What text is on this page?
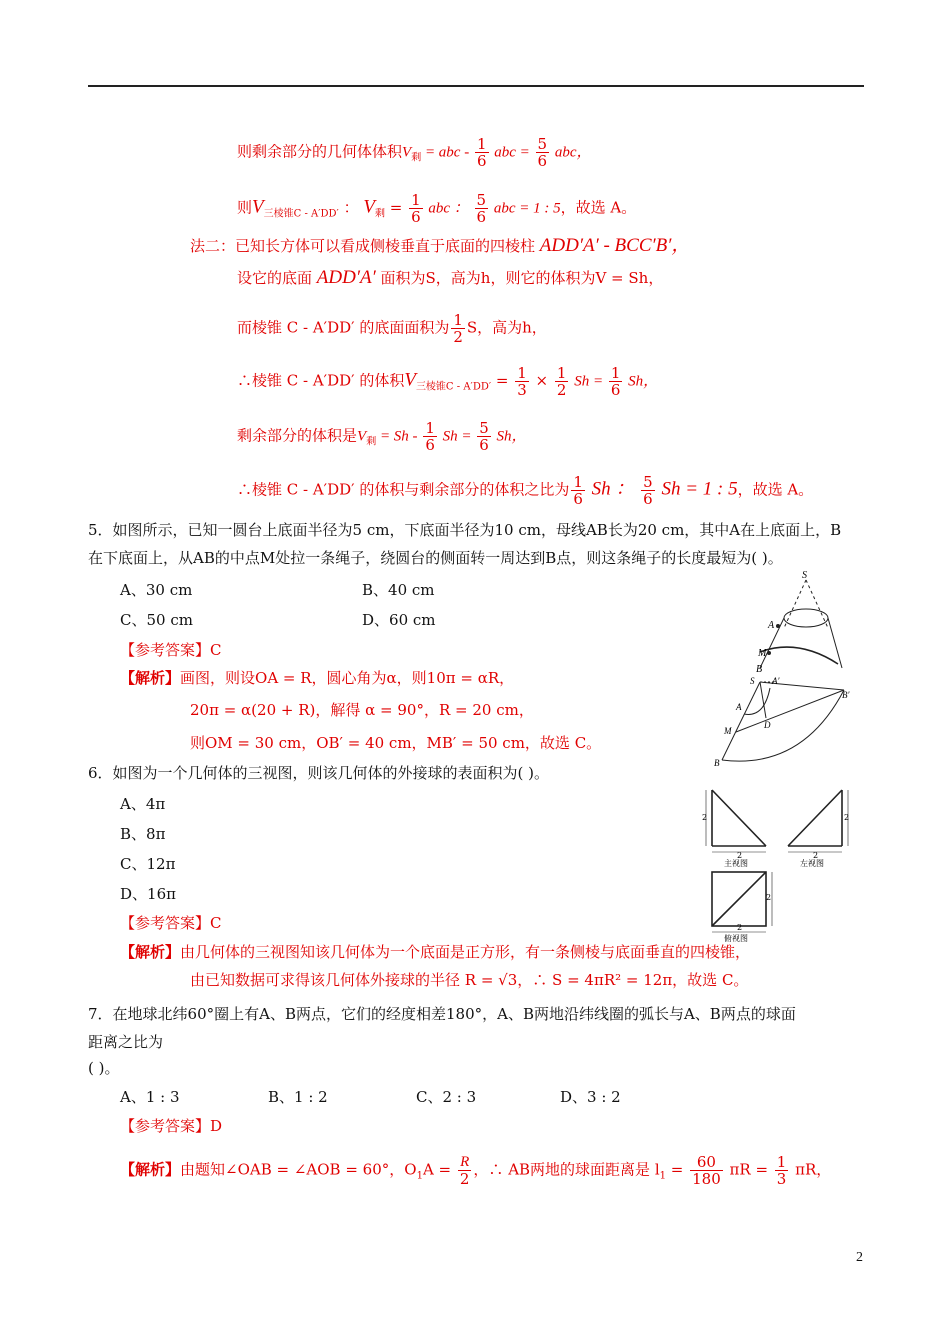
则剩余部分的几何体体积$V_剩$ = abc - $\frac{1}{6}$ abc = $\frac{5}{6}$ abc，
则$V_{三棱锥C - A'DD'}$ ： $V_剩 = \frac{1}{6}$ abc ： $\frac{5}{6}$ abc = 1 : 5，故选 A。
法二：已知长方体可以看成侧棱垂直于底面的四棱柱 ADD′A′ - BCC′B′，
设它的底面 ADD′A′ 面积为S，高为h，则它的体积为V = Sh，
而棱锥 C - A′DD′ 的底面面积为 $\frac{1}{2}$ S，高为h，
∴棱锥 C - A′DD′ 的体积$V_{三棱锥C - A'DD'} = \frac{1}{3} \times \frac{1}{2}$ $Sh = \frac{1}{6}$ Sh，
剩余部分的体积是$V_剩 = Sh - \frac{1}{6}$ $Sh = \frac{5}{6}$ Sh，
∴棱锥 C - A′DD′ 的体积与剩余部分的体积之比为 $\frac{1}{6}$ Sh ： $\frac{5}{6}$ Sh = 1 : 5，故选 A。
5．如图所示，已知一圆台上底面半径为5 cm，下底面半径为10 cm，母线AB长为20 cm，其中A在上底面上，B
在下底面上，从AB的中点M处拉一条绳子，绕圆台的侧面转一周达到B点，则这条绳子的长度最短为( )。
A、30 cm	B、40 cm
C、50 cm	D、60 cm
【参考答案】C
【解析】画图，则设OA = R，圆心角为α，则10π = αR，
20π = α(20 + R)，解得 α = 90°，R = 20 cm，
则OM = 30 cm，OB′ = 40 cm，MB′ = 50 cm，故选 C。
S
A
M
B
S A′
A
D
M
B
B′
6．如图为一个几何体的三视图，则该几何体的外接球的表面积为( )。
A、4π
B、8π
C、12π
D、16π
【参考答案】C
【解析】由几何体的三视图知该几何体为一个底面是正方形，有一条侧棱与底面垂直的四棱锥，
由已知数据可求得该几何体外接球的半径 R = √3，∴ S = 4πR² = 12π，故选 C。
2
2
主视图
2
2
左视图
2
2
俯视图
7．在地球北纬60°圈上有A、B两点，它们的经度相差180°，A、B两地沿纬线圈的弧长与A、B两点的球面
距离之比为
( )。
A、1 : 3	B、1 : 2	C、2 : 3	D、3 : 2
【参考答案】D
【解析】由题知∠OAB = ∠AOB = 60°，$O_1A = \frac{R}{2}$ ，∴ AB两地的球面距离是 $l_1 = \frac{60}{180}$ $\pi R = \frac{1}{3}$ πR，
2
